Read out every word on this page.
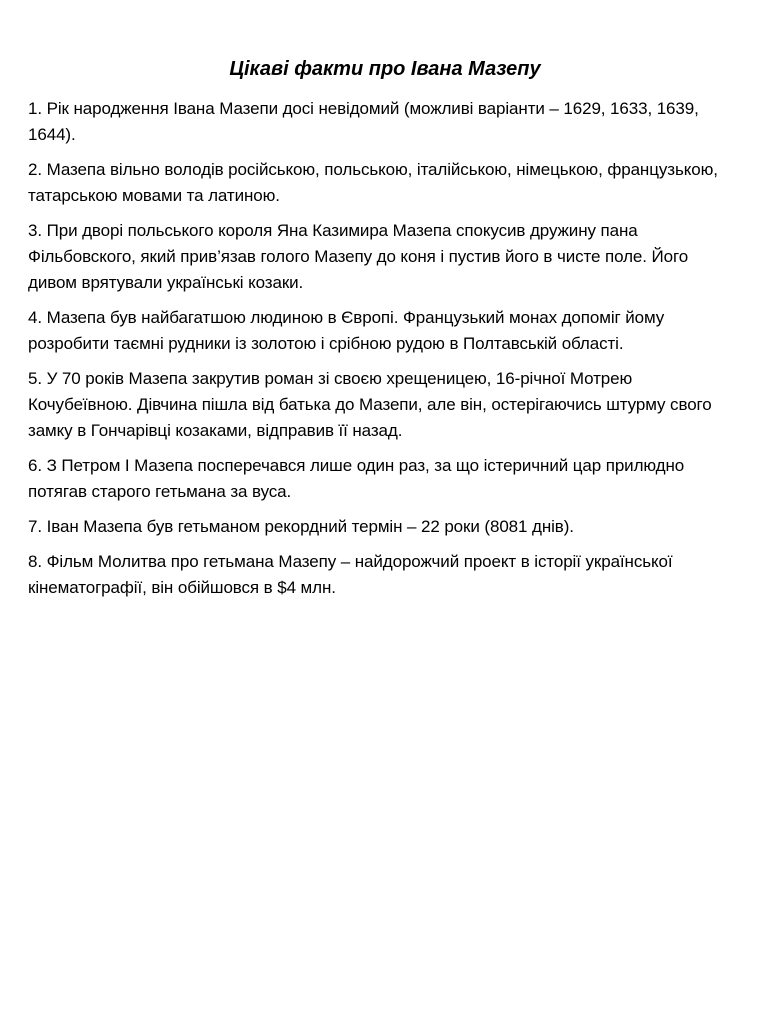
Цікаві факти про Івана Мазепу
1. Рік народження Івана Мазепи досі невідомий (можливі варіанти – 1629, 1633, 1639, 1644).
2. Мазепа вільно володів російською, польською, італійською, німецькою, французькою, татарською мовами та латиною.
3. При дворі польського короля Яна Казимира Мазепа спокусив дружину пана Фільбовского, який прив’язав голого Мазепу до коня і пустив його в чисте поле. Його дивом врятували українські козаки.
4. Мазепа був найбагатшою людиною в Європі. Французький монах допоміг йому розробити таємні рудники із золотою і срібною рудою в Полтавській області.
5. У 70 років Мазепа закрутив роман зі своєю хрещеницею, 16-річної Мотрею Кочубеївною. Дівчина пішла від батька до Мазепи, але він, остерігаючись штурму свого замку в Гончарівці козаками, відправив її назад.
6. З Петром I Мазепа посперечався лише один раз, за що істеричний цар прилюдно потягав старого гетьмана за вуса.
7. Іван Мазепа був гетьманом рекордний термін – 22 роки (8081 днів).
8. Фільм Молитва про гетьмана Мазепу – найдорожчий проект в історії української кінематографії, він обійшовся в $4 млн.
